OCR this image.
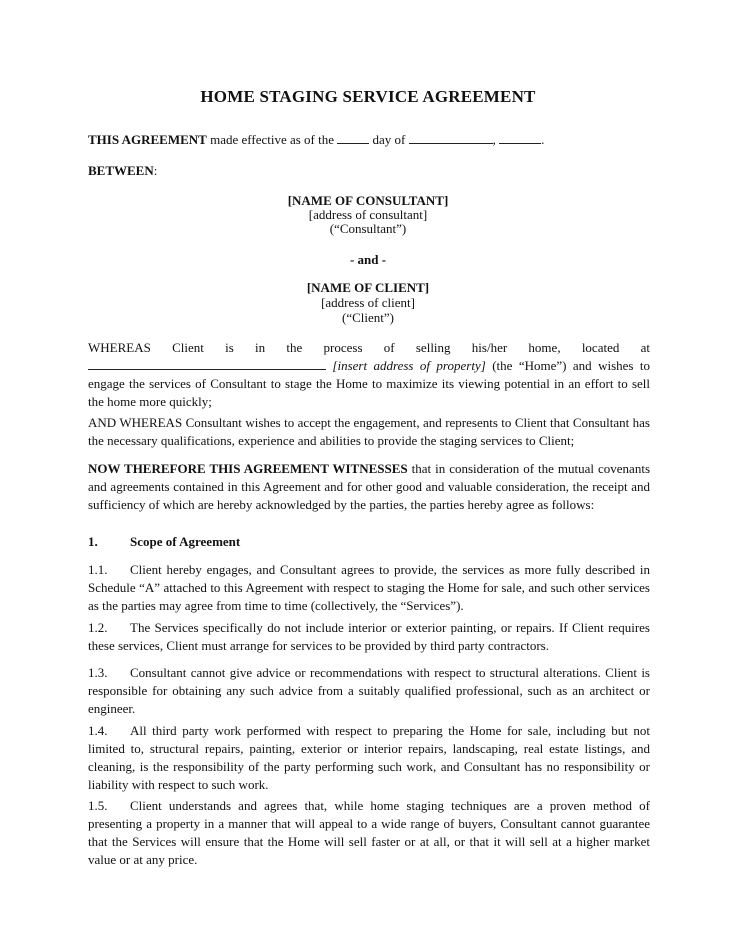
HOME STAGING SERVICE AGREEMENT
THIS AGREEMENT made effective as of the	day of	,	.
BETWEEN:
[NAME OF CONSULTANT]
[address of consultant]
(“Consultant”)
- and -
[NAME OF CLIENT]
[address of client]
(“Client”)
WHEREAS Client is in the process of selling his/her home, located at
[insert address of property] (the “Home”) and wishes to engage the services of Consultant to stage the Home to maximize its viewing potential in an effort to sell the home more quickly;
AND WHEREAS Consultant wishes to accept the engagement, and represents to Client that Consultant has the necessary qualifications, experience and abilities to provide the staging services to Client;
NOW THEREFORE THIS AGREEMENT WITNESSES that in consideration of the mutual covenants and agreements contained in this Agreement and for other good and valuable consideration, the receipt and sufficiency of which are hereby acknowledged by the parties, the parties hereby agree as follows:
1. Scope of Agreement
1.1. Client hereby engages, and Consultant agrees to provide, the services as more fully described in Schedule “A” attached to this Agreement with respect to staging the Home for sale, and such other services as the parties may agree from time to time (collectively, the “Services”).
1.2. The Services specifically do not include interior or exterior painting, or repairs. If Client requires these services, Client must arrange for services to be provided by third party contractors.
1.3. Consultant cannot give advice or recommendations with respect to structural alterations. Client is responsible for obtaining any such advice from a suitably qualified professional, such as an architect or engineer.
1.4. All third party work performed with respect to preparing the Home for sale, including but not limited to, structural repairs, painting, exterior or interior repairs, landscaping, real estate listings, and cleaning, is the responsibility of the party performing such work, and Consultant has no responsibility or liability with respect to such work.
1.5. Client understands and agrees that, while home staging techniques are a proven method of presenting a property in a manner that will appeal to a wide range of buyers, Consultant cannot guarantee that the Services will ensure that the Home will sell faster or at all, or that it will sell at a higher market value or at any price.
